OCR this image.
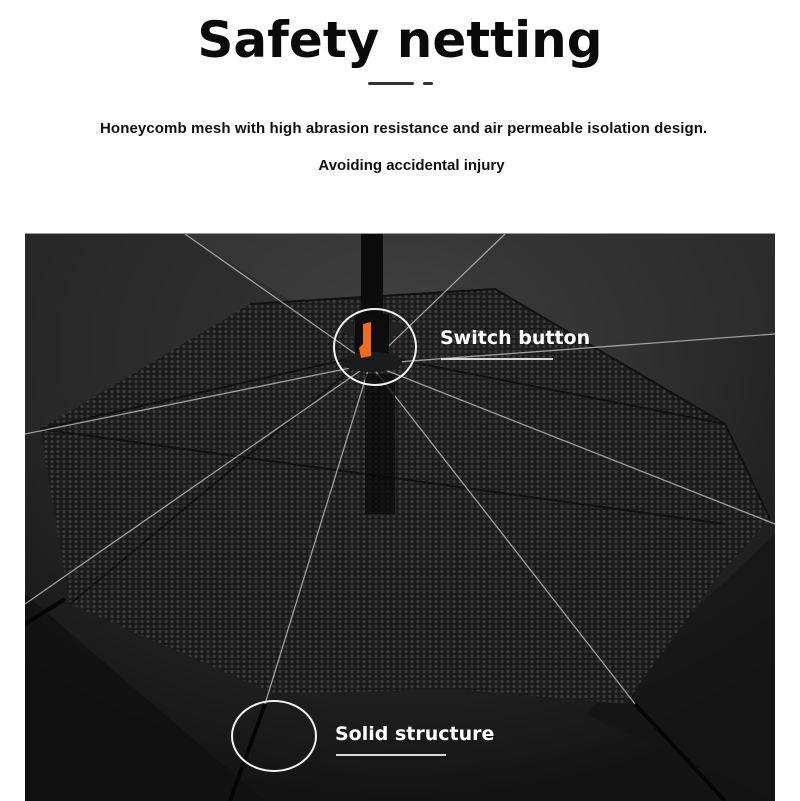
Safety netting
Honeycomb mesh with high abrasion resistance and air permeable isolation design.
Avoiding accidental injury
Switch button
Solid structure
